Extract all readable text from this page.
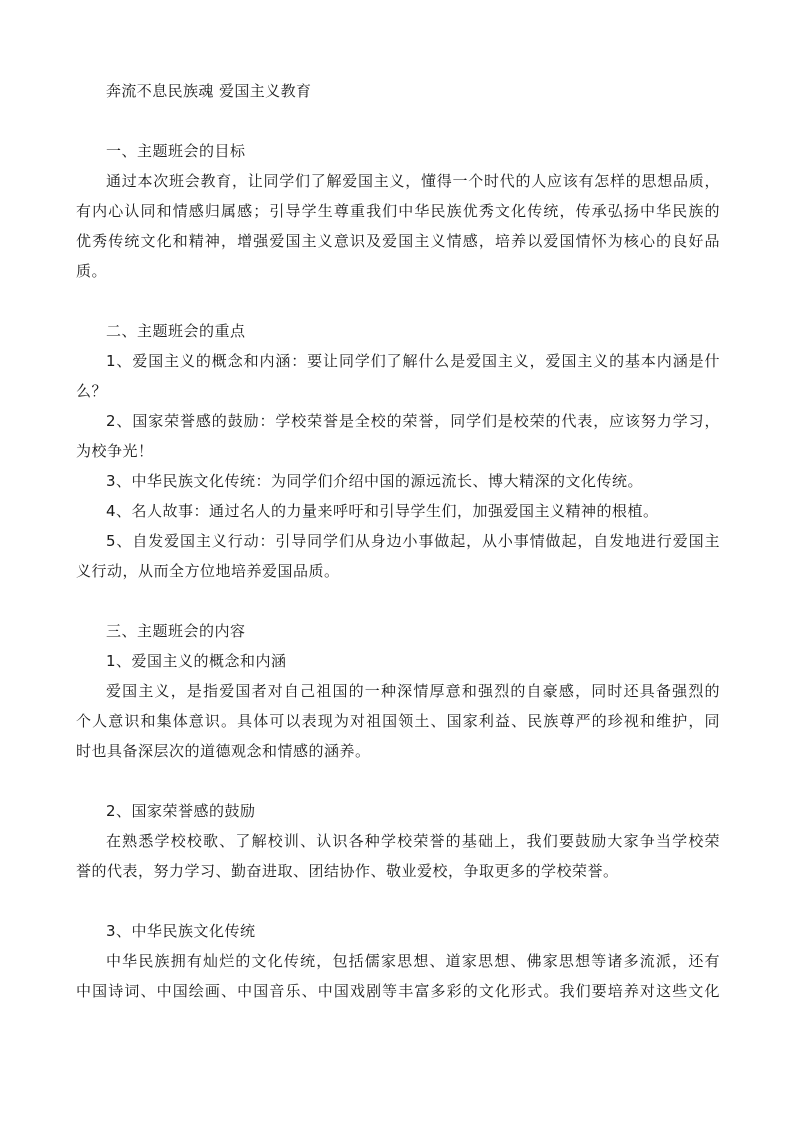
奔流不息民族魂 爱国主义教育
一、主题班会的目标
通过本次班会教育，让同学们了解爱国主义，懂得一个时代的人应该有怎样的思想品质，
有内心认同和情感归属感；引导学生尊重我们中华民族优秀文化传统，传承弘扬中华民族的
优秀传统文化和精神，增强爱国主义意识及爱国主义情感，培养以爱国情怀为核心的良好品
质。
二、主题班会的重点
1、爱国主义的概念和内涵：要让同学们了解什么是爱国主义，爱国主义的基本内涵是什
么？
2、国家荣誉感的鼓励：学校荣誉是全校的荣誉，同学们是校荣的代表，应该努力学习，
为校争光！
3、中华民族文化传统：为同学们介绍中国的源远流长、博大精深的文化传统。
4、名人故事：通过名人的力量来呼吁和引导学生们，加强爱国主义精神的根植。
5、自发爱国主义行动：引导同学们从身边小事做起，从小事情做起，自发地进行爱国主
义行动，从而全方位地培养爱国品质。
三、主题班会的内容
1、爱国主义的概念和内涵
爱国主义，是指爱国者对自己祖国的一种深情厚意和强烈的自豪感，同时还具备强烈的
个人意识和集体意识。具体可以表现为对祖国领土、国家利益、民族尊严的珍视和维护，同
时也具备深层次的道德观念和情感的涵养。
2、国家荣誉感的鼓励
在熟悉学校校歌、了解校训、认识各种学校荣誉的基础上，我们要鼓励大家争当学校荣
誉的代表，努力学习、勤奋进取、团结协作、敬业爱校，争取更多的学校荣誉。
3、中华民族文化传统
中华民族拥有灿烂的文化传统，包括儒家思想、道家思想、佛家思想等诸多流派，还有
中国诗词、中国绘画、中国音乐、中国戏剧等丰富多彩的文化形式。我们要培养对这些文化
